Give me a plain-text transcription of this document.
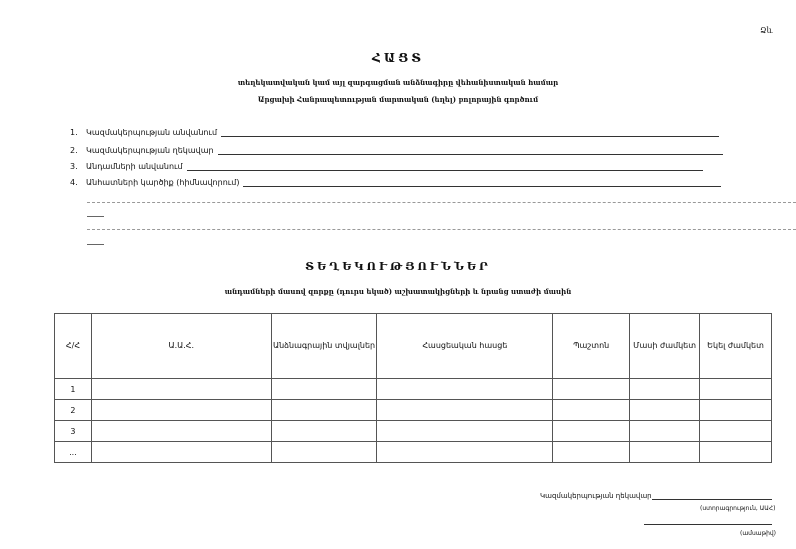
Ձև
ՀԱՑՏ
տեղեկատվական կամ այլ զարգացման անձնագիրը վեհանիստական համար
Արցախի Հանրապետության մարտական (եղել) բոլորային գործում
1.	Կազմակերպության անվանում
2.	Կազմակերպության ղեկավար
3.	Անդամների անվանում
4.	Անհատների կարծիք (հիմնավորում)
ՏԵՂԵԿՈՒԹՅՈՒՆՆԵՐ
անդամների մասով զորքը (դուրս եկած) աշխատակիցների և նրանց ստաժի մասին
Հ/Հ	Ա.Ա.Հ.	Անձնագրային տվյալներ	Հասցեական հասցե	Պաշտոն	Մասի ժամկետ	Եկել ժամկետ
1						
2						
3						
...						
Կազմակերպության ղեկավար
(ստորագրություն, ԱԱՀ)
(ամսաթիվ)
